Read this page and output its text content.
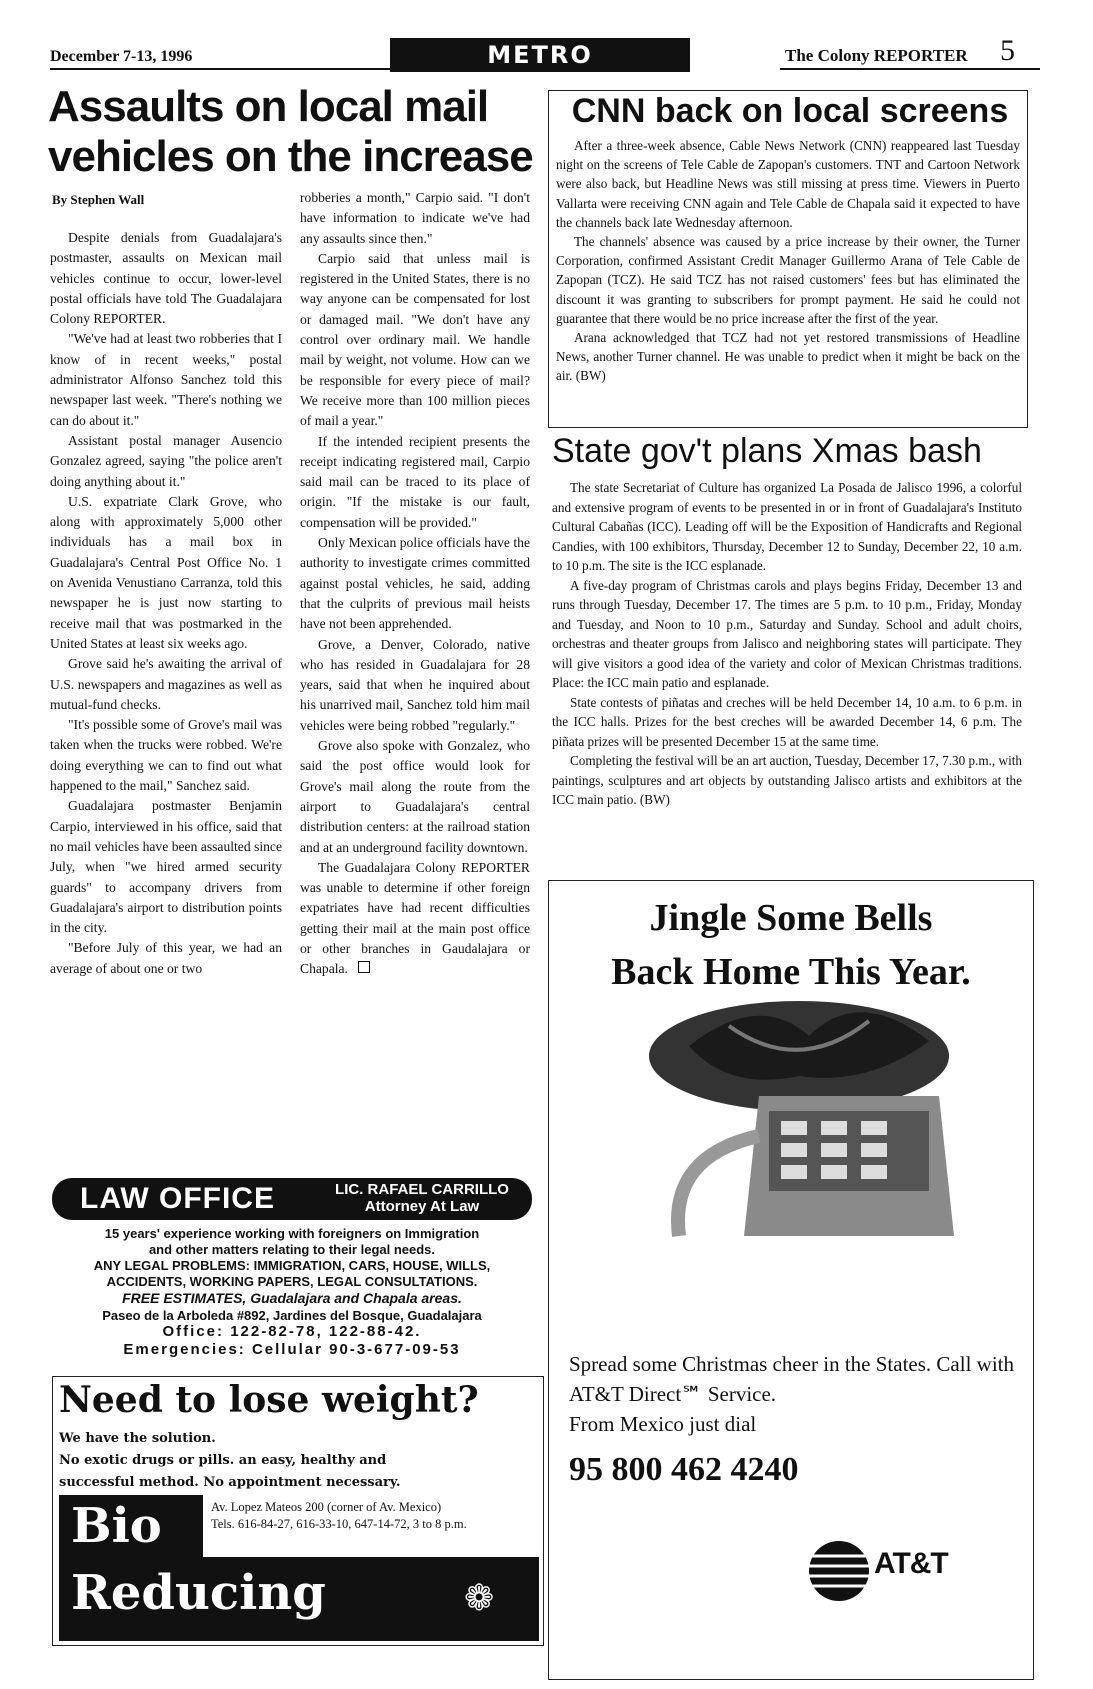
December 7-13, 1996	METRO	The Colony REPORTER 5
Assaults on local mail vehicles on the increase
By Stephen Wall

Despite denials from Guadalajara's postmaster, assaults on Mexican mail vehicles continue to occur, lower-level postal officials have told The Guadalajara Colony REPORTER.

"We've had at least two robberies that I know of in recent weeks," postal administrator Alfonso Sanchez told this newspaper last week. "There's nothing we can do about it."

Assistant postal manager Ausencio Gonzalez agreed, saying "the police aren't doing anything about it."

U.S. expatriate Clark Grove, who along with approximately 5,000 other individuals has a mail box in Guadalajara's Central Post Office No. 1 on Avenida Venustiano Carranza, told this newspaper he is just now starting to receive mail that was postmarked in the United States at least six weeks ago.

Grove said he's awaiting the arrival of U.S. newspapers and magazines as well as mutual-fund checks.

"It's possible some of Grove's mail was taken when the trucks were robbed. We're doing everything we can to find out what happened to the mail," Sanchez said.

Guadalajara postmaster Benjamin Carpio, interviewed in his office, said that no mail vehicles have been assaulted since July, when "we hired armed security guards" to accompany drivers from Guadalajara's airport to distribution points in the city.

"Before July of this year, we had an average of about one or two

robberies a month," Carpio said. "I don't have information to indicate we've had any assaults since then."

Carpio said that unless mail is registered in the United States, there is no way anyone can be compensated for lost or damaged mail. "We don't have any control over ordinary mail. We handle mail by weight, not volume. How can we be responsible for every piece of mail? We receive more than 100 million pieces of mail a year."

If the intended recipient presents the receipt indicating registered mail, Carpio said mail can be traced to its place of origin. "If the mistake is our fault, compensation will be provided."

Only Mexican police officials have the authority to investigate crimes committed against postal vehicles, he said, adding that the culprits of previous mail heists have not been apprehended.

Grove, a Denver, Colorado, native who has resided in Guadalajara for 28 years, said that when he inquired about his unarrived mail, Sanchez told him mail vehicles were being robbed "regularly."

Grove also spoke with Gonzalez, who said the post office would look for Grove's mail along the route from the airport to Guadalajara's central distribution centers: at the railroad station and at an underground facility downtown.

The Guadalajara Colony REPORTER was unable to determine if other foreign expatriates have had recent difficulties getting their mail at the main post office or other branches in Gaudalajara or Chapala.

CNN back on local screens

After a three-week absence, Cable News Network (CNN) reappeared last Tuesday night on the screens of Tele Cable de Zapopan's customers. TNT and Cartoon Network were also back, but Headline News was still missing at press time. Viewers in Puerto Vallarta were receiving CNN again and Tele Cable de Chapala said it expected to have the channels back late Wednesday afternoon.

The channels' absence was caused by a price increase by their owner, the Turner Corporation, confirmed Assistant Credit Manager Guillermo Arana of Tele Cable de Zapopan (TCZ). He said TCZ has not raised customers' fees but has eliminated the discount it was granting to subscribers for prompt payment. He said he could not guarantee that there would be no price increase after the first of the year.

Arana acknowledged that TCZ had not yet restored transmissions of Headline News, another Turner channel. He was unable to predict when it might be back on the air. (BW)

State gov't plans Xmas bash

The state Secretariat of Culture has organized La Posada de Jalisco 1996, a colorful and extensive program of events to be presented in or in front of Guadalajara's Instituto Cultural Cabañas (ICC). Leading off will be the Exposition of Handicrafts and Regional Candies, with 100 exhibitors, Thursday, December 12 to Sunday, December 22, 10 a.m. to 10 p.m. The site is the ICC esplanade.

A five-day program of Christmas carols and plays begins Friday, December 13 and runs through Tuesday, December 17. The times are 5 p.m. to 10 p.m., Friday, Monday and Tuesday, and Noon to 10 p.m., Saturday and Sunday. School and adult choirs, orchestras and theater groups from Jalisco and neighboring states will participate. They will give visitors a good idea of the variety and color of Mexican Christmas traditions. Place: the ICC main patio and esplanade.

State contests of piñatas and creches will be held December 14, 10 a.m. to 6 p.m. in the ICC halls. Prizes for the best creches will be awarded December 14, 6 p.m. The piñata prizes will be presented December 15 at the same time.

Completing the festival will be an art auction, Tuesday, December 17, 7.30 p.m., with paintings, sculptures and art objects by outstanding Jalisco artists and exhibitors at the ICC main patio. (BW)

Jingle Some Bells
Back Home This Year.
Spread some Christmas cheer in the States. Call with AT&T Direct℠ Service.
From Mexico just dial
95 800 462 4240
AT&T
LAW OFFICE	LIC. RAFAEL CARRILLO
Attorney At Law
15 years' experience working with foreigners on Immigration
and other matters relating to their legal needs.
ANY LEGAL PROBLEMS: IMMIGRATION, CARS, HOUSE, WILLS,
ACCIDENTS, WORKING PAPERS, LEGAL CONSULTATIONS.
FREE ESTIMATES, Guadalajara and Chapala areas.
Paseo de la Arboleda #892, Jardines del Bosque, Guadalajara
Office: 122-82-78, 122-88-42.
Emergencies: Cellular 90-3-677-09-53
Need to lose weight?
We have the solution.
No exotic drugs or pills. an easy, healthy and
successful method. No appointment necessary.
Bio	Av. Lopez Mateos 200 (corner of Av. Mexico)
Tels. 616-84-27, 616-33-10, 647-14-72, 3 to 8 p.m.
Reducing	❁
